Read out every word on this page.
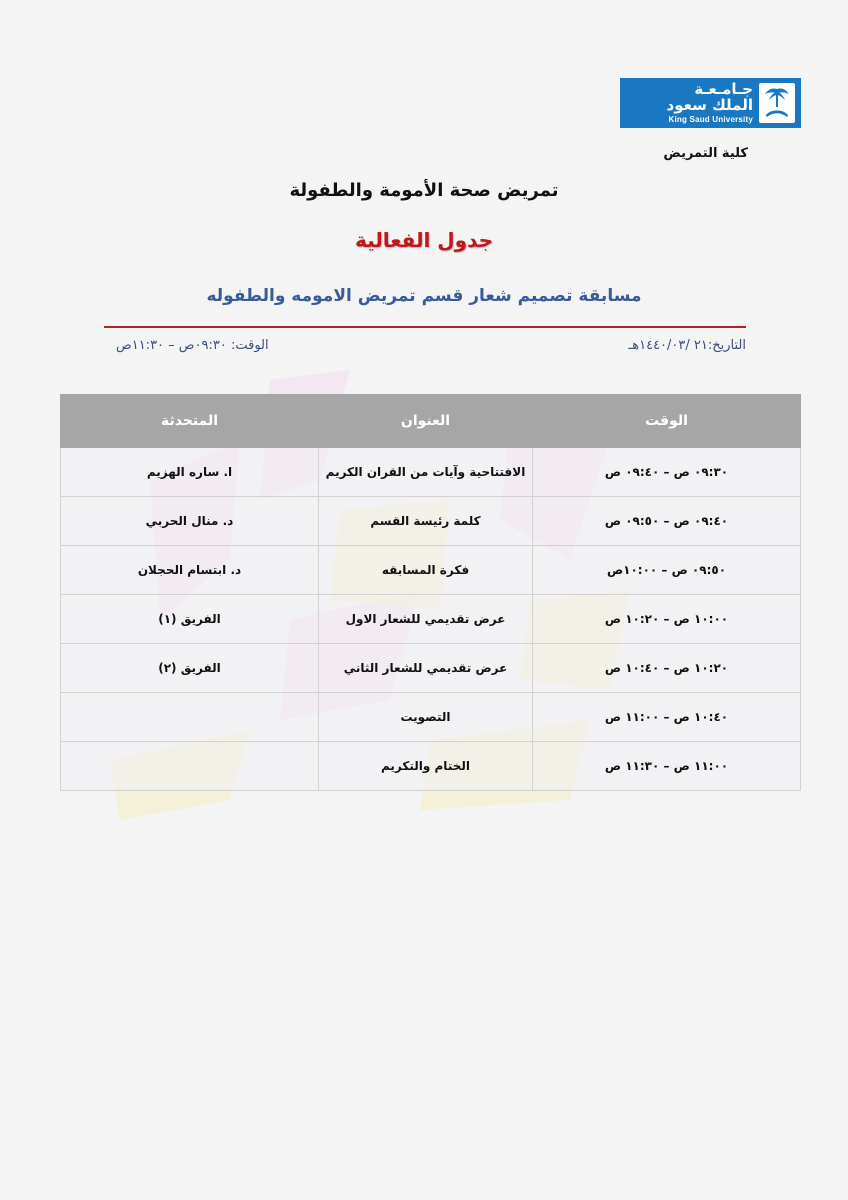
جـامـعـة
الملك سعود
King Saud University
كلية التمريض
تمريض صحة الأمومة والطفولة
جدول الفعالية
مسابقة تصميم شعار قسم تمريض الامومه والطفوله
التاريخ:٢١ /١٤٤٠/٠٣هـ
الوقت: ٠٩:٣٠ص – ١١:٣٠ص
الوقت	العنوان	المتحدثة
٠٩:٣٠ ص – ٠٩:٤٠ ص	الافتتاحية وآيات من القران الكريم	ا. ساره الهزيم
٠٩:٤٠ ص – ٠٩:٥٠ ص	كلمة رئيسة القسم	د. منال الحربي
٠٩:٥٠ ص – ١٠:٠٠ص	فكرة المسابقه	د. ابتسام الحجلان
١٠:٠٠ ص – ١٠:٢٠ ص	عرض تقديمي للشعار الاول	الفريق (١)
١٠:٢٠ ص – ١٠:٤٠ ص	عرض تقديمي للشعار الثاني	الفريق (٢)
١٠:٤٠ ص – ١١:٠٠ ص	التصويت	
١١:٠٠ ص – ١١:٣٠ ص	الختام والتكريم	
